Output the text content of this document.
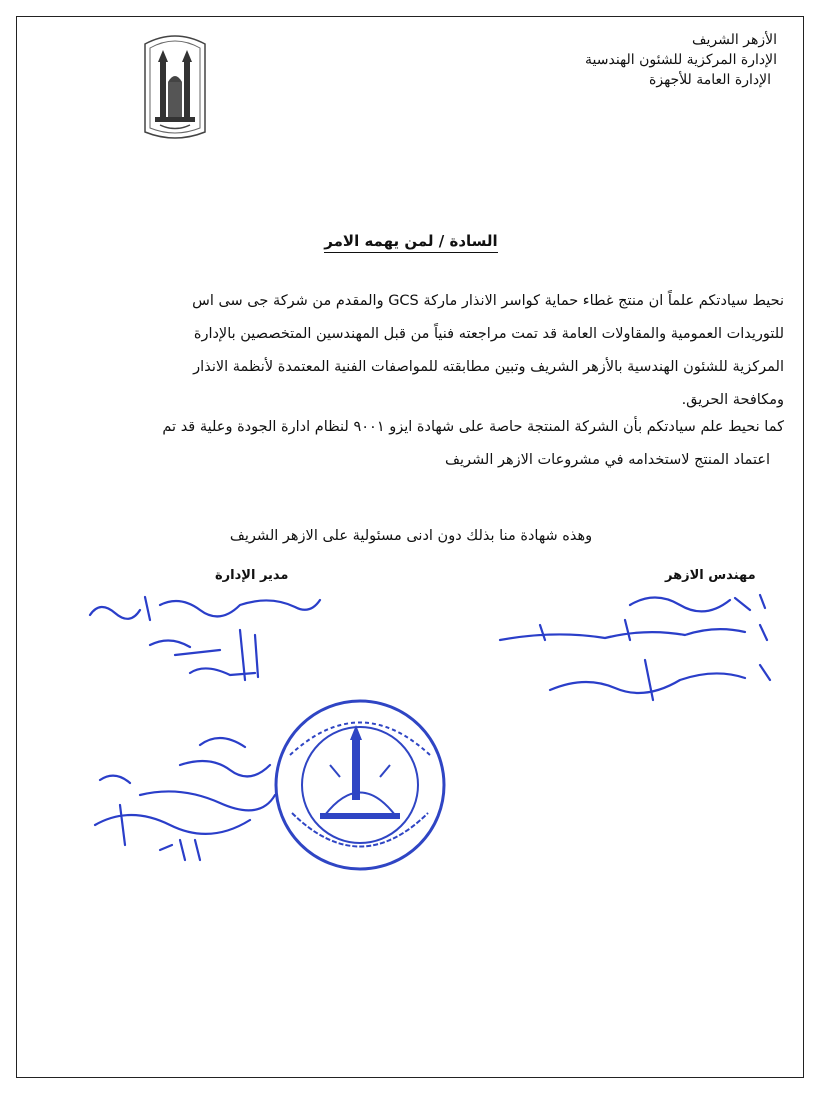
الأزهر الشريف
الإدارة المركزية للشئون الهندسية
الإدارة العامة للأجهزة
السادة / لمن يهمه الامر

نحيط سيادتكم علماً ان منتج غطاء حماية كواسر الانذار ماركة GCS والمقدم من شركة جى سى اس

للتوريدات العمومية والمقاولات العامة قد تمت مراجعته فنياً من قبل المهندسين المتخصصين بالإدارة

المركزية للشئون الهندسية بالأزهر الشريف وتبين مطابقته للمواصفات الفنية المعتمدة لأنظمة الانذار

ومكافحة الحريق.

كما نحيط علم سيادتكم بأن الشركة المنتجة حاصة على شهادة ايزو ٩٠٠١ لنظام ادارة الجودة وعلية قد تم

اعتماد المنتج لاستخدامه في مشروعات الازهر الشريف

وهذه شهادة منا بذلك دون ادنى مسئولية على الازهر الشريف
مدير الإدارة	مهندس الازهر
